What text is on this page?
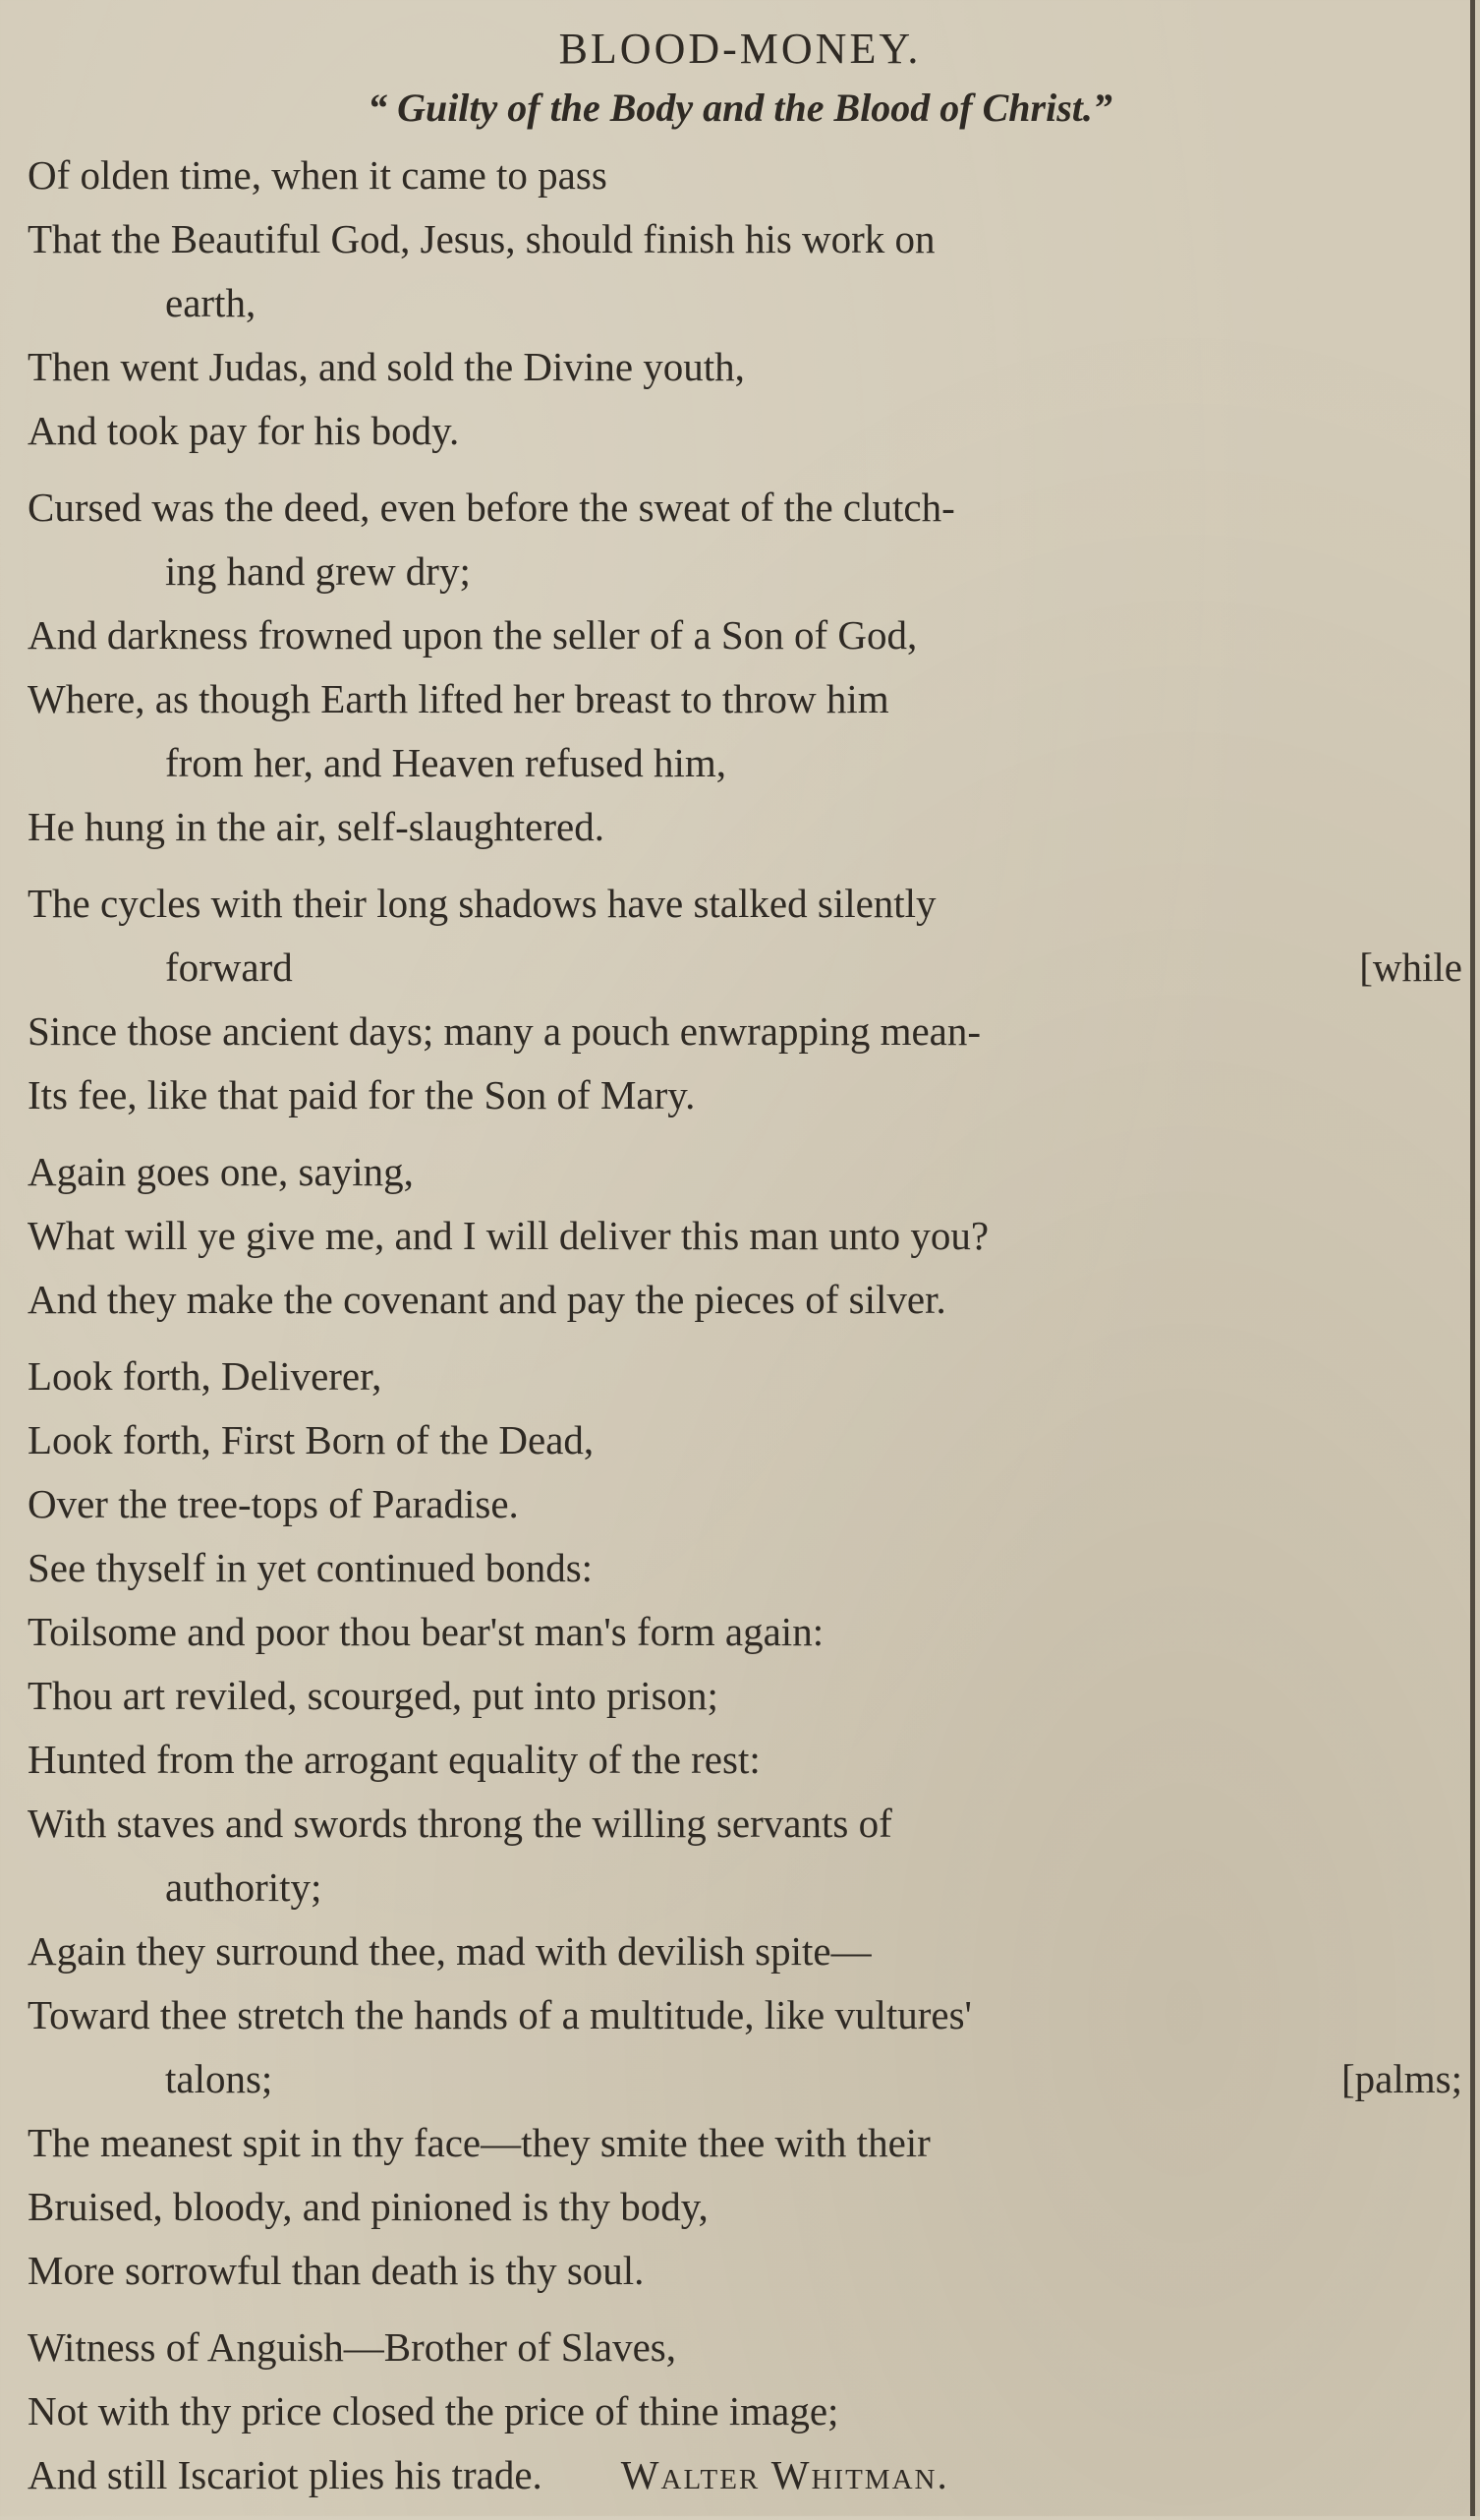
BLOOD-MONEY.
“ Guilty of the Body and the Blood of Christ.”
Of olden time, when it came to pass
That the Beautiful God, Jesus, should finish his work on
earth,
Then went Judas, and sold the Divine youth,
And took pay for his body.
Cursed was the deed, even before the sweat of the clutch-
ing hand grew dry;
And darkness frowned upon the seller of a Son of God,
Where, as though Earth lifted her breast to throw him
from her, and Heaven refused him,
He hung in the air, self-slaughtered.
The cycles with their long shadows have stalked silently
forward	[while
Since those ancient days; many a pouch enwrapping mean-
Its fee, like that paid for the Son of Mary.
Again goes one, saying,
What will ye give me, and I will deliver this man unto you?
And they make the covenant and pay the pieces of silver.
Look forth, Deliverer,
Look forth, First Born of the Dead,
Over the tree-tops of Paradise.
See thyself in yet continued bonds:
Toilsome and poor thou bear'st man's form again:
Thou art reviled, scourged, put into prison;
Hunted from the arrogant equality of the rest:
With staves and swords throng the willing servants of
authority;
Again they surround thee, mad with devilish spite—
Toward thee stretch the hands of a multitude, like vultures'
talons;	[palms;
The meanest spit in thy face—they smite thee with their
Bruised, bloody, and pinioned is thy body,
More sorrowful than death is thy soul.
Witness of Anguish—Brother of Slaves,
Not with thy price closed the price of thine image;
And still Iscariot plies his trade. Walter Whitman.
